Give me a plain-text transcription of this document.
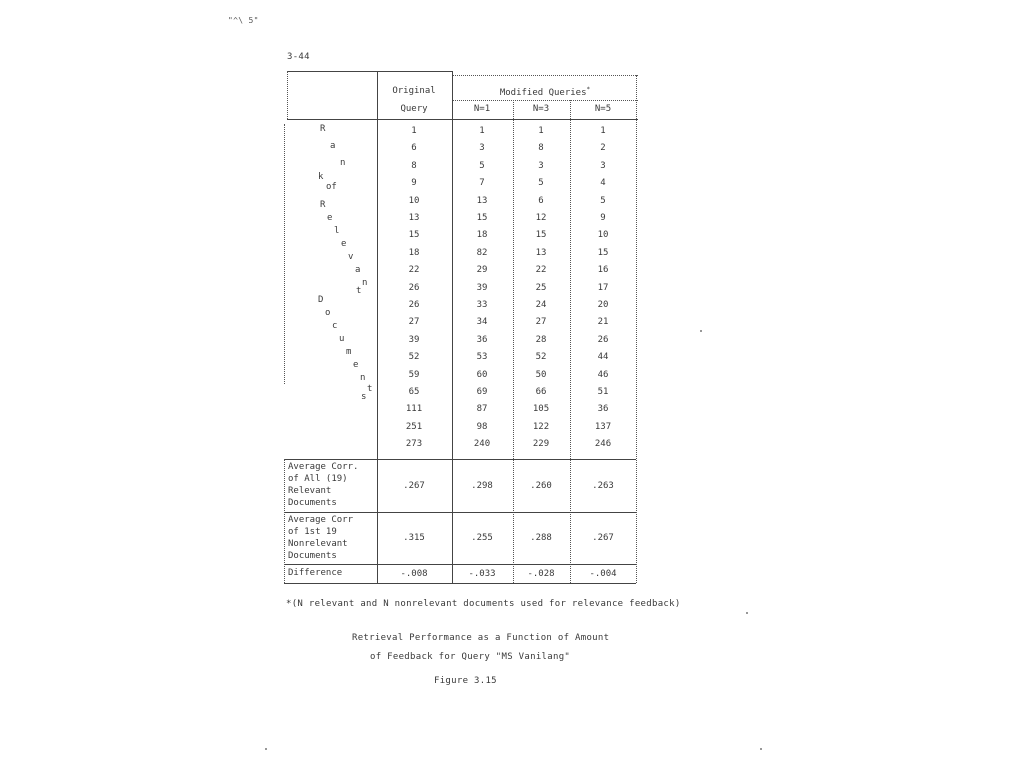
"^\ 5"
3-44
Original
Query
Modified Queries*
N=1	N=3	N=5
1	1	1	1
6	3	8	2
8	5	3	3
9	7	5	4
10	13	6	5
13	15	12	9
15	18	15	10
18	82	13	15
22	29	22	16
26	39	25	17
26	33	24	20
27	34	27	21
39	36	28	26
52	53	52	44
59	60	50	46
65	69	66	51
111	87	105	36
251	98	122	137
273	240	229	246
R
a
n
k
of
R
e
l
e
v
a
n
t
D
o
c
u
m
e
n
t
s
Average Corr.
of All (19)
Relevant
Documents
.267	.298	.260	.263
Average Corr
of 1st 19
Nonrelevant
Documents
.315	.255	.288	.267
Difference	-.008	-.033	-.028	-.004
*(N relevant and N nonrelevant documents used for relevance feedback)
Retrieval Performance as a Function of Amount
of Feedback for Query "MS Vanilang"
Figure 3.15
